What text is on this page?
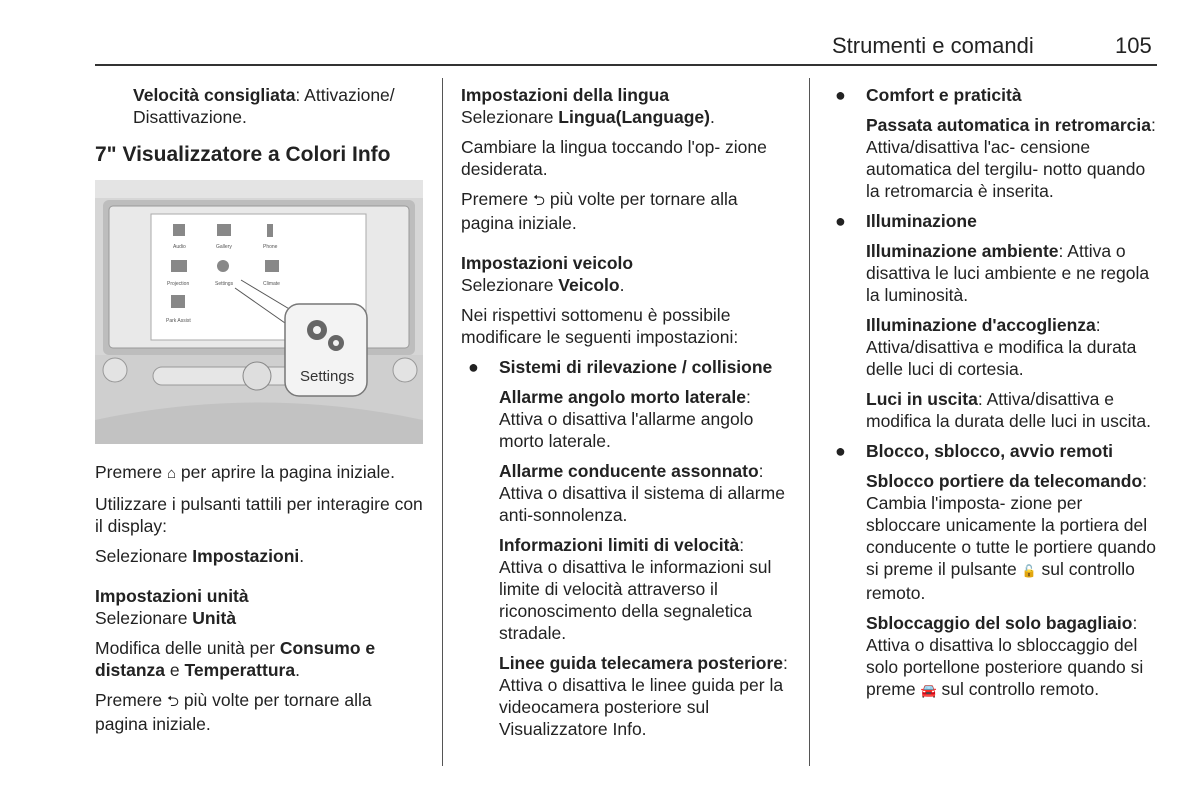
Strumenti e comandi	105
Velocità consigliata: Attivazione/ Disattivazione.
7" Visualizzatore a Colori Info
Audio	Gallery	Phone
Projection	Settings	Climate
Park Assist
Settings

Premere ⌂ per aprire la pagina iniziale.

Utilizzare i pulsanti tattili per interagire con il display:

Selezionare Impostazioni.

Impostazioni unità

Selezionare Unità

Modifica delle unità per Consumo e distanza e Temperattura.

Premere ⮌ più volte per tornare alla pagina iniziale.

Impostazioni della lingua

Selezionare Lingua(Language).

Cambiare la lingua toccando l'op- zione desiderata.

Premere ⮌ più volte per tornare alla pagina iniziale.

Impostazioni veicolo

Selezionare Veicolo.

Nei rispettivi sottomenu è possibile modificare le seguenti impostazioni:

● Sistemi di rilevazione / collisione

Allarme angolo morto laterale: Attiva o disattiva l'allarme angolo morto laterale.

Allarme conducente assonnato: Attiva o disattiva il sistema di allarme anti-sonnolenza.

Informazioni limiti di velocità: Attiva o disattiva le informazioni sul limite di velocità attraverso il riconoscimento della segnaletica stradale.

Linee guida telecamera posteriore: Attiva o disattiva le linee guida per la videocamera posteriore sul Visualizzatore Info.

● Comfort e praticità

Passata automatica in retromarcia: Attiva/disattiva l'ac- censione automatica del tergilu- notto quando la retromarcia è inserita.

● Illuminazione

Illuminazione ambiente: Attiva o disattiva le luci ambiente e ne regola la luminosità.

Illuminazione d'accoglienza: Attiva/disattiva e modifica la durata delle luci di cortesia.

Luci in uscita: Attiva/disattiva e modifica la durata delle luci in uscita.

● Blocco, sblocco, avvio remoti

Sblocco portiere da telecomando: Cambia l'imposta- zione per sbloccare unicamente la portiera del conducente o tutte le portiere quando si preme il pulsante 🔓 sul controllo remoto.

Sbloccaggio del solo bagagliaio: Attiva o disattiva lo sbloccaggio del solo portellone posteriore quando si preme 🚘 sul controllo remoto.
